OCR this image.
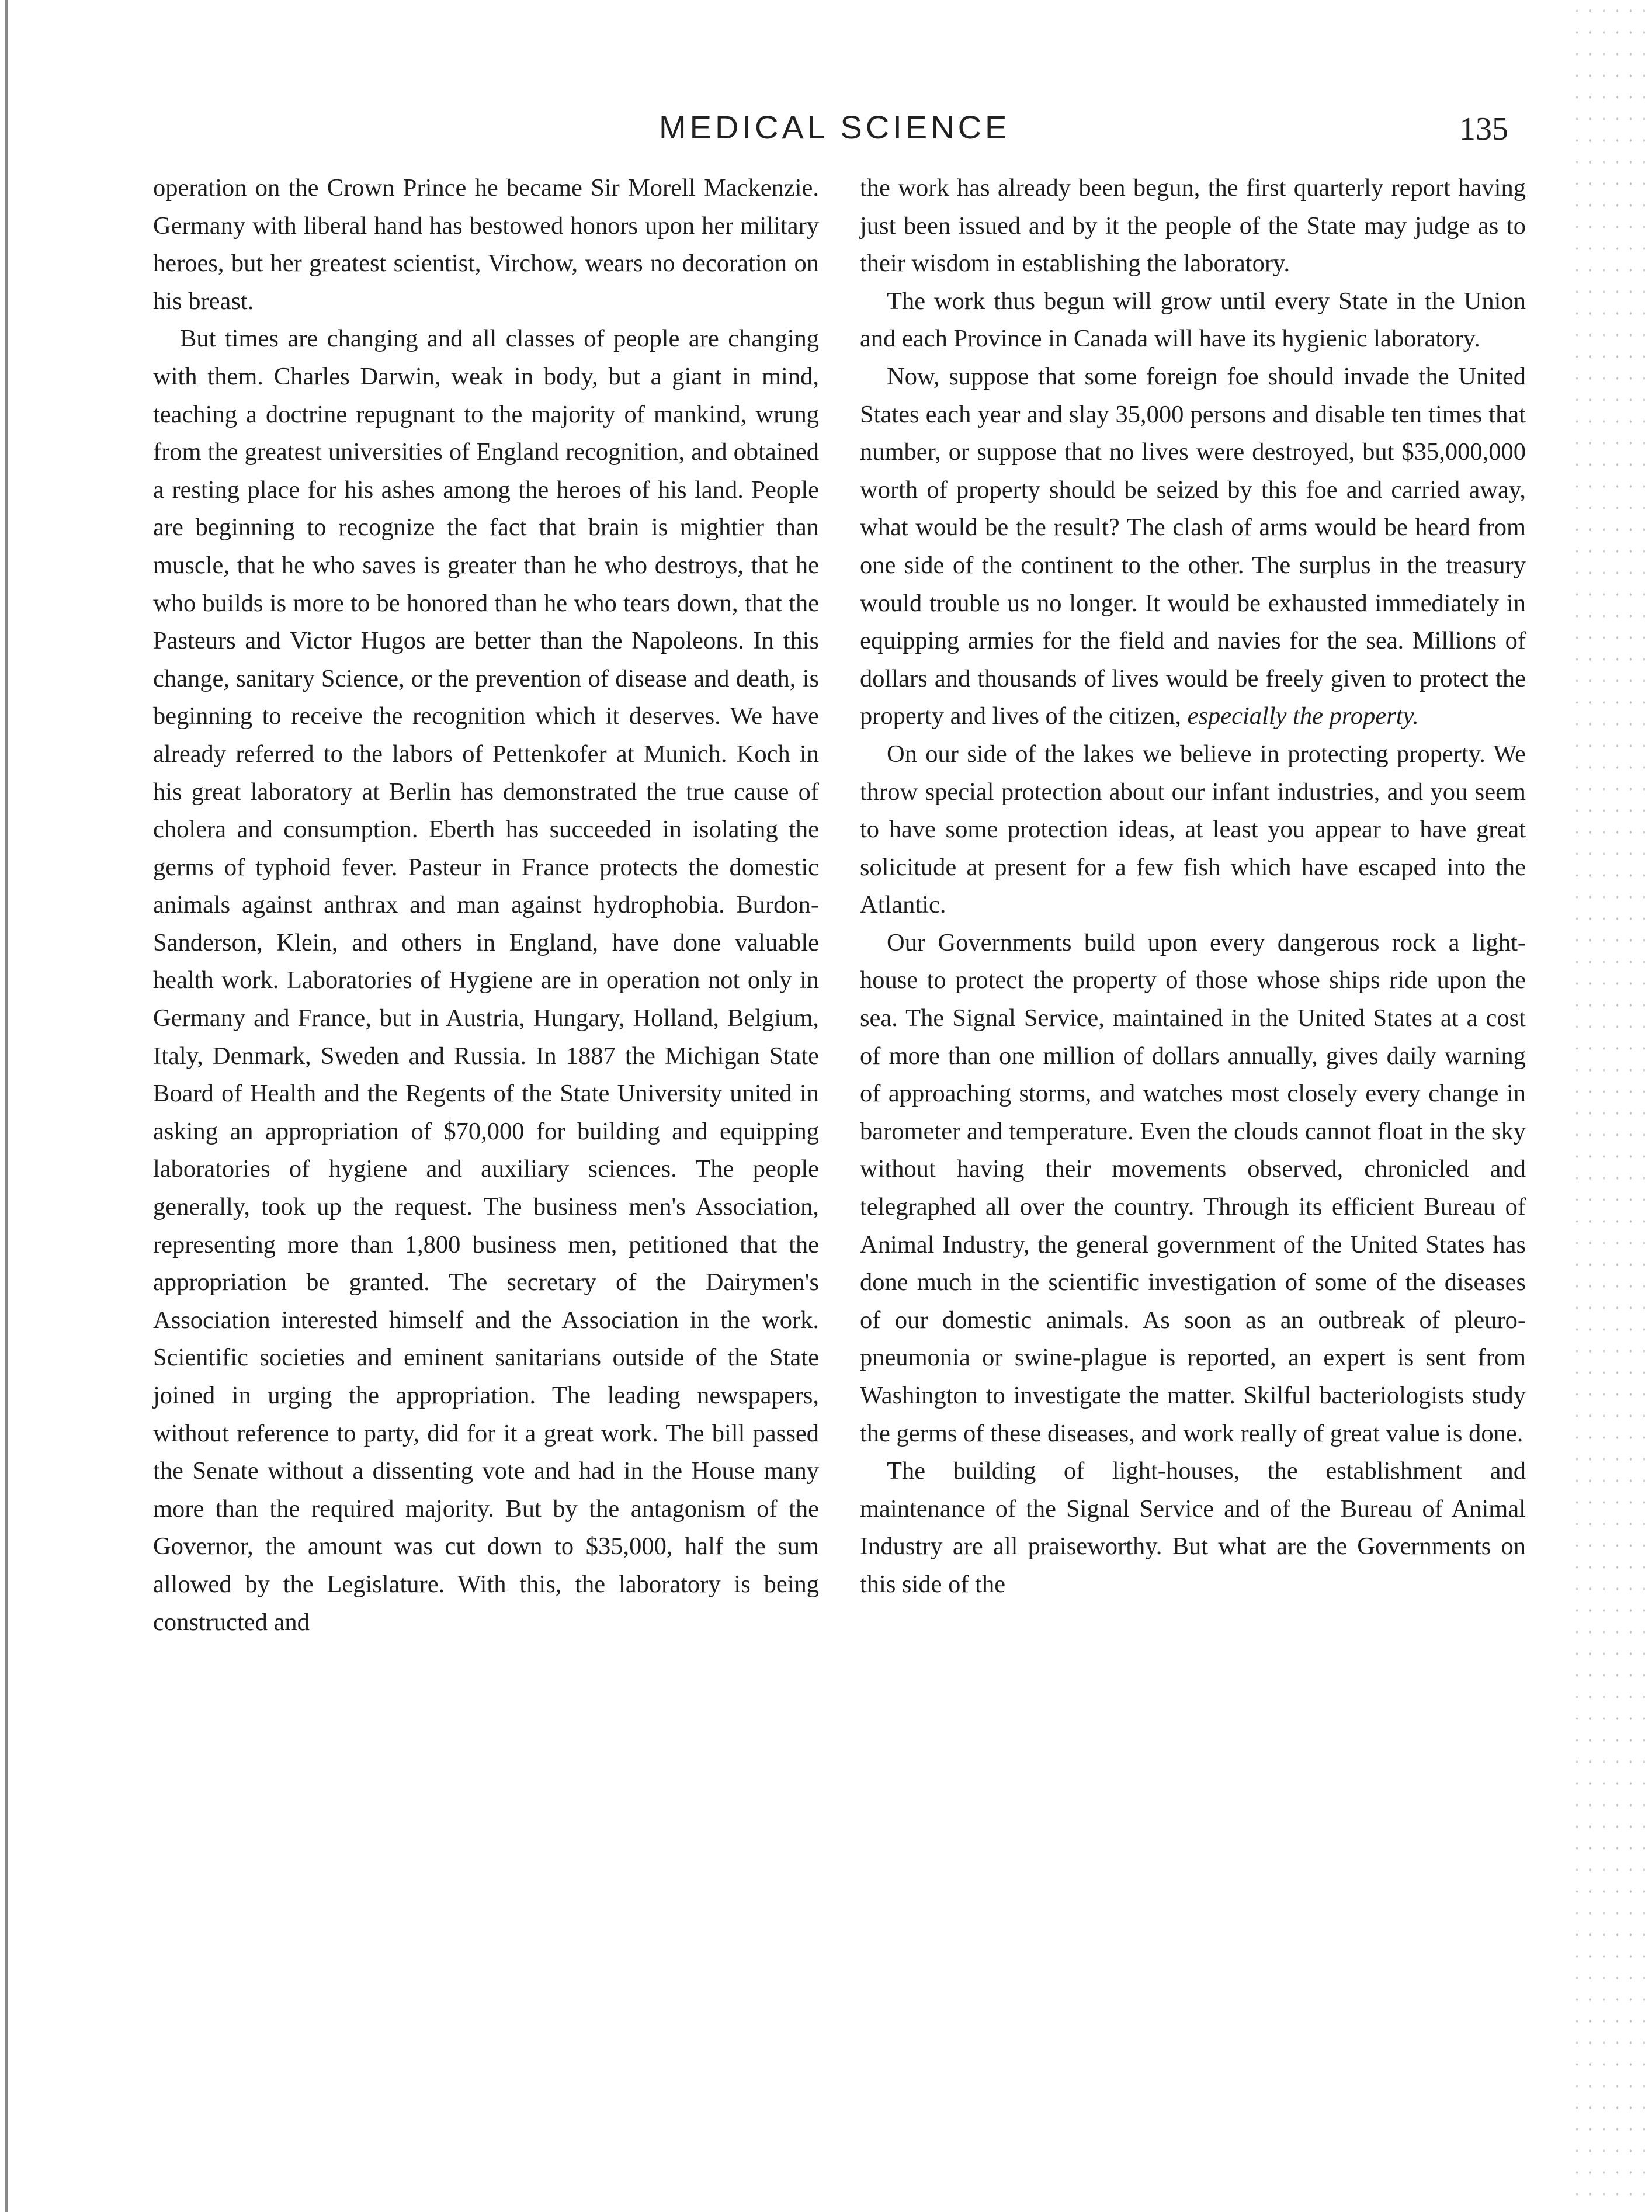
MEDICAL SCIENCE	135

operation on the Crown Prince he became Sir Morell Mackenzie. Germany with liberal hand has bestowed honors upon her military heroes, but her greatest scientist, Virchow, wears no decoration on his breast.

But times are changing and all classes of people are changing with them. Charles Darwin, weak in body, but a giant in mind, teaching a doctrine repugnant to the majority of mankind, wrung from the greatest universities of England recognition, and obtained a resting place for his ashes among the heroes of his land. People are beginning to recognize the fact that brain is mightier than muscle, that he who saves is greater than he who destroys, that he who builds is more to be honored than he who tears down, that the Pasteurs and Victor Hugos are better than the Napoleons. In this change, sanitary Science, or the prevention of disease and death, is beginning to receive the recognition which it deserves. We have already referred to the labors of Pettenkofer at Munich. Koch in his great laboratory at Berlin has demonstrated the true cause of cholera and consumption. Eberth has succeeded in isolating the germs of typhoid fever. Pasteur in France protects the domestic animals against anthrax and man against hydrophobia. Burdon-Sanderson, Klein, and others in England, have done valuable health work. Laboratories of Hygiene are in operation not only in Germany and France, but in Austria, Hungary, Holland, Belgium, Italy, Denmark, Sweden and Russia. In 1887 the Michigan State Board of Health and the Regents of the State University united in asking an appropriation of $70,000 for building and equipping laboratories of hygiene and auxiliary sciences. The people generally, took up the request. The business men's Association, representing more than 1,800 business men, petitioned that the appropriation be granted. The secretary of the Dairymen's Association interested himself and the Association in the work. Scientific societies and eminent sanitarians outside of the State joined in urging the appropriation. The leading newspapers, without reference to party, did for it a great work. The bill passed the Senate without a dissenting vote and had in the House many more than the required majority. But by the antagonism of the Governor, the amount was cut down to $35,000, half the sum allowed by the Legislature. With this, the laboratory is being constructed and

the work has already been begun, the first quarterly report having just been issued and by it the people of the State may judge as to their wisdom in establishing the laboratory.

The work thus begun will grow until every State in the Union and each Province in Canada will have its hygienic laboratory.

Now, suppose that some foreign foe should invade the United States each year and slay 35,000 persons and disable ten times that number, or suppose that no lives were destroyed, but $35,000,000 worth of property should be seized by this foe and carried away, what would be the result? The clash of arms would be heard from one side of the continent to the other. The surplus in the treasury would trouble us no longer. It would be exhausted immediately in equipping armies for the field and navies for the sea. Millions of dollars and thousands of lives would be freely given to protect the property and lives of the citizen, especially the property.

On our side of the lakes we believe in protecting property. We throw special protection about our infant industries, and you seem to have some protection ideas, at least you appear to have great solicitude at present for a few fish which have escaped into the Atlantic.

Our Governments build upon every dangerous rock a light-house to protect the property of those whose ships ride upon the sea. The Signal Service, maintained in the United States at a cost of more than one million of dollars annually, gives daily warning of approaching storms, and watches most closely every change in barometer and temperature. Even the clouds cannot float in the sky without having their movements observed, chronicled and telegraphed all over the country. Through its efficient Bureau of Animal Industry, the general government of the United States has done much in the scientific investigation of some of the diseases of our domestic animals. As soon as an outbreak of pleuro-pneumonia or swine-plague is reported, an expert is sent from Washington to investigate the matter. Skilful bacteriologists study the germs of these diseases, and work really of great value is done.

The building of light-houses, the establishment and maintenance of the Signal Service and of the Bureau of Animal Industry are all praiseworthy. But what are the Governments on this side of the
